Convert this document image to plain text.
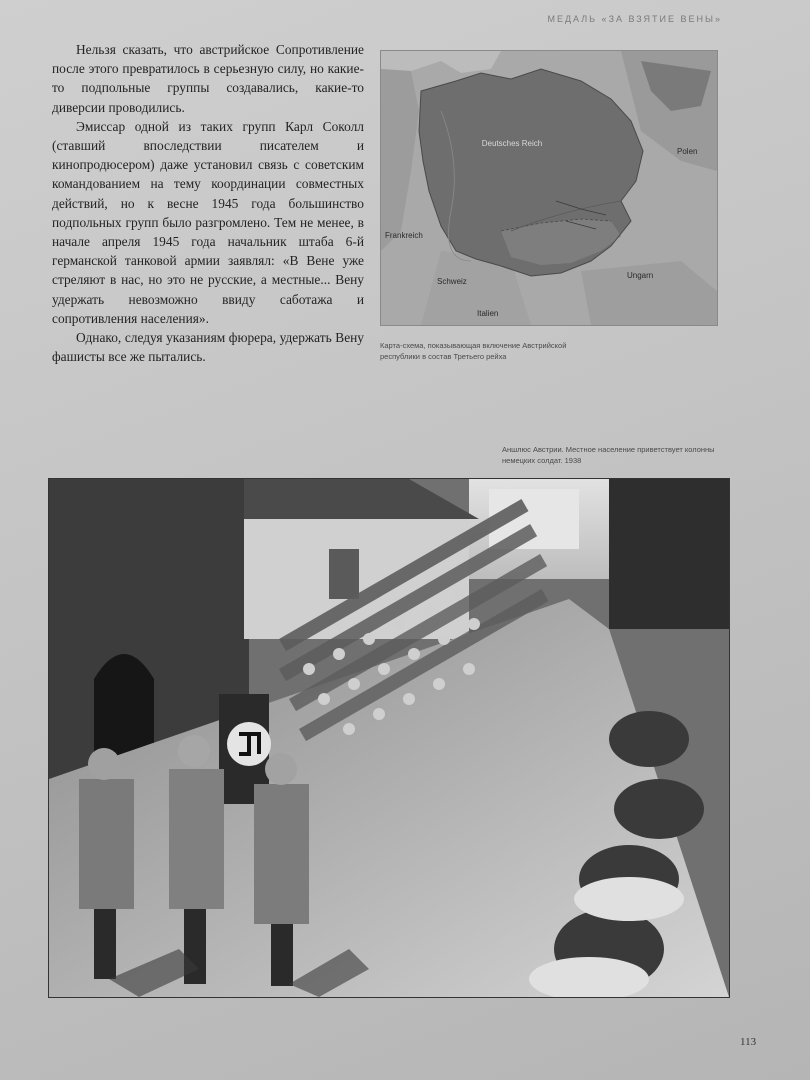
МЕДАЛЬ «ЗА ВЗЯТИЕ ВЕНЫ»

Нельзя сказать, что австрийское Сопротивление после этого превратилось в серьезную силу, но какие-то подпольные группы создавались, какие-то диверсии проводились.

Эмиссар одной из таких групп Карл Соколл (ставший впоследствии писателем и кинопродюсером) даже установил связь с советским командованием на тему координации совместных действий, но к весне 1945 года большинство подпольных групп было разгромлено. Тем не менее, в начале апреля 1945 года начальник штаба 6-й германской танковой армии заявлял: «В Вене уже стреляют в нас, но это не русские, а местные... Вену удержать невозможно ввиду саботажа и сопротивления населения».

Однако, следуя указаниям фюрера, удержать Вену фашисты все же пытались.

Deutsches Reich
Polen
Frankreich
Schweiz
Ungarn
Italien
Карта-схема, показывающая включение Австрийской республики в состав Третьего рейха
Аншлюс Австрии. Местное население приветствует колонны немецких солдат. 1938
113
